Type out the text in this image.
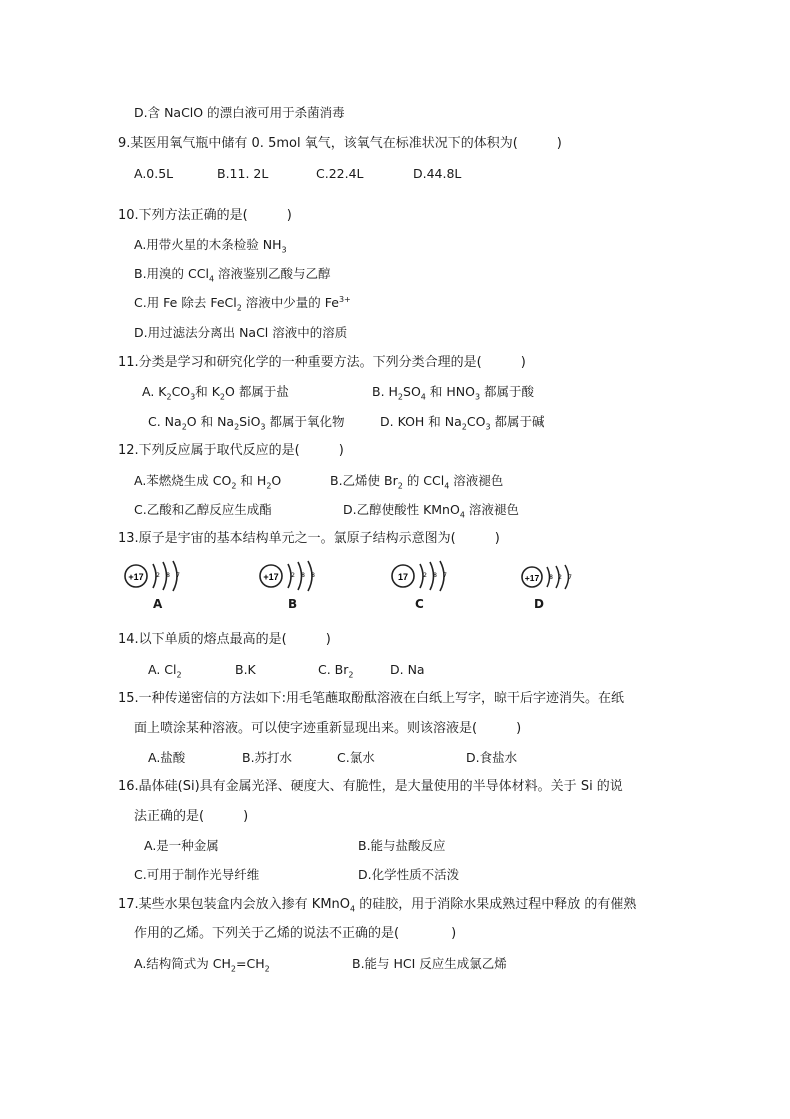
D.含 NaClO 的漂白液可用于杀菌消毒
9.某医用氧气瓶中储有 0. 5mol 氧气，该氧气在标准状况下的体积为(　　　)
A.0.5L	B.11. 2L	C.22.4L	D.44.8L
10.下列方法正确的是(　　　)
A.用带火星的木条检验 $NH_3$
B.用溴的 CCl$_4$ 溶液鉴别乙酸与乙醇
C.用 Fe 除去 FeCl$_2$ 溶液中少量的 $Fe^{3+}$
D.用过滤法分离出 NaCl 溶液中的溶质
11.分类是学习和研究化学的一种重要方法。下列分类合理的是(　　　)
A. $K_2CO_3$和 $K_2O$ 都属于盐	B. $H_2SO_4$ 和 $HNO_3$ 都属于酸
C. $Na_2O$ 和 $Na_2SiO_3$ 都属于氧化物	D. KOH 和 $Na_2CO_3$ 都属于碱
12.下列反应属于取代反应的是(　　　)
A.苯燃烧生成 $CO_2$ 和 $H_2O$	B.乙烯使 $Br_2$ 的 CCl$_4$ 溶液褪色
C.乙酸和乙醇反应生成酯	D.乙醇使酸性 KMnO$_4$ 溶液褪色
13.原子是宇宙的基本结构单元之一。氯原子结构示意图为(　　　)
+17 2 8 7
A
+17 2 8 8
B
17	2 8 7
C
+17 8 2 7
D
14.以下单质的熔点最高的是(　　　)
A. $Cl_2$	B.K	C. $Br_2$	D. Na
15.一种传递密信的方法如下:用毛笔蘸取酚酞溶液在白纸上写字，晾干后字迹消失。在纸
面上喷涂某种溶液。可以使字迹重新显现出来。则该溶液是(　　　)
A.盐酸	B.苏打水	C.氯水	D.食盐水
16.晶体硅(Si)具有金属光泽、硬度大、有脆性，是大量使用的半导体材料。关于 Si 的说
法正确的是(　　　)
A.是一种金属	B.能与盐酸反应
C.可用于制作光导纤维	D.化学性质不活泼
17.某些水果包装盒内会放入掺有 KMnO$_4$ 的硅胶，用于消除水果成熟过程中释放 的有催熟
作用的乙烯。下列关于乙烯的说法不正确的是(　　　　)
A.结构简式为 $CH_2=CH_2$	B.能与 HCI 反应生成氯乙烯
